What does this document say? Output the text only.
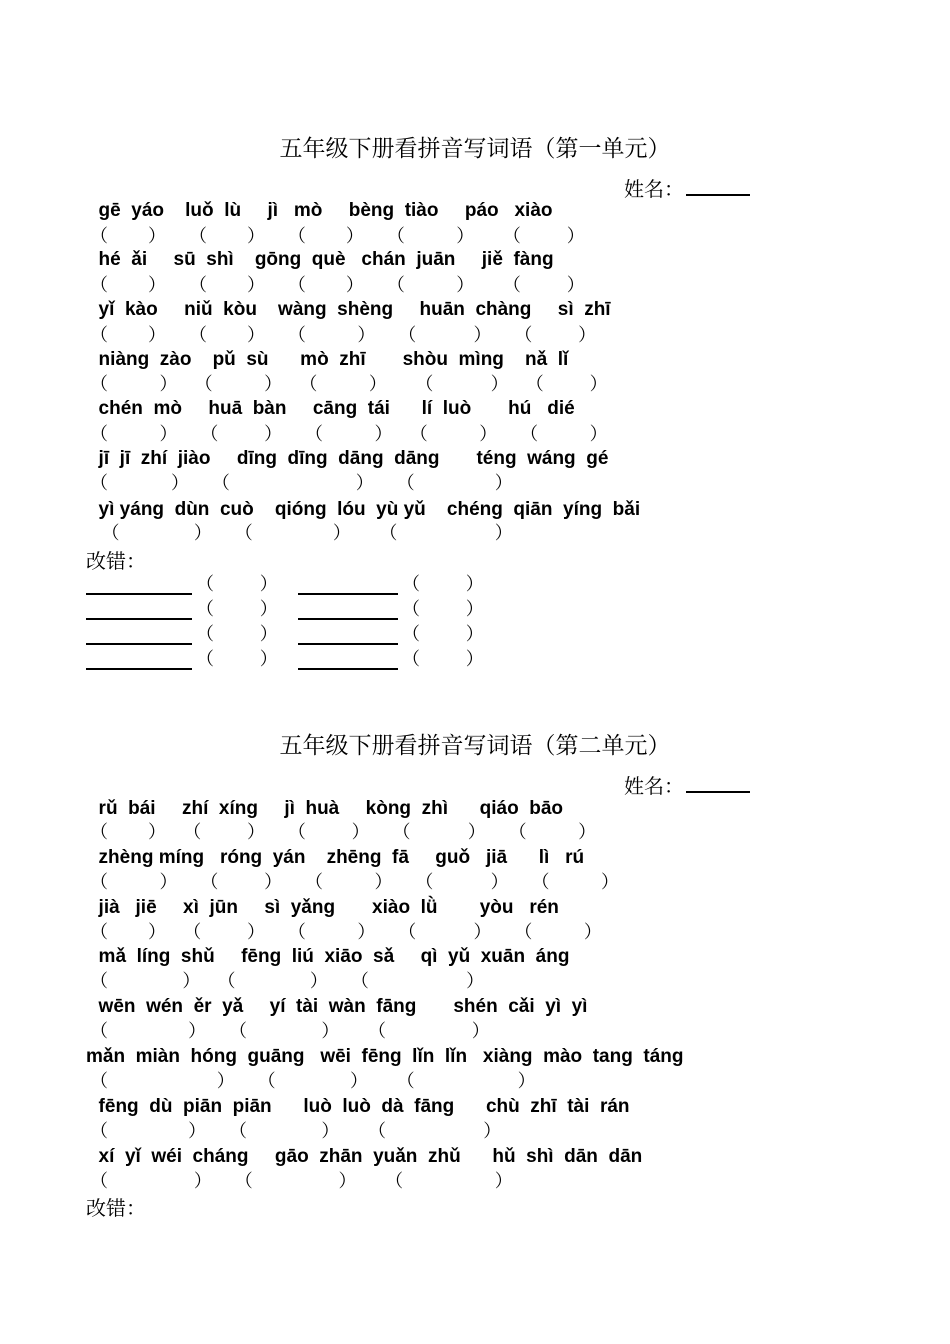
五年级下册看拼音写词语（第一单元）
姓名：

gē  yáo    luǒ  lù     jì   mò     bèng  tiào     páo   xiào

（       ）    （       ）    （       ）    （         ）     （        ）

hé  ǎi     sū  shì    gōng  què   chán  juān     jiě  fàng

（       ）    （       ）    （       ）    （         ）     （        ）

yǐ  kào     niǔ  kòu    wàng  shèng     huān  chàng     sì  zhī

（       ）    （       ）    （         ）    （          ）    （        ）

niàng  zào    pǔ  sù      mò  zhī       shòu  mìng    nǎ  lǐ

（         ）   （         ）   （         ）     （          ）   （        ）

chén  mò     huā  bàn     cāng  tái      lí  luò       hú   dié

（         ）    （        ）    （         ）   （         ）    （         ）

jī  jī  zhí  jiào     dīng  dīng  dāng  dāng       téng  wáng  gé

（           ）    （                      ）    （              ）

yì yáng  dùn  cuò    qióng  lóu  yù yǔ    chéng  qiān  yíng  bǎi

（             ）    （              ）     （                 ）

改错：

（        ）	（        ）
（        ）	（        ）
（        ）	（        ）
（        ）	（        ）
五年级下册看拼音写词语（第二单元）
姓名：

rǔ  bái     zhí  xíng     jì  huà     kòng  zhì      qiáo  bāo

（       ）   （        ）    （        ）    （          ）    （         ）

zhèng míng   róng  yán    zhēng  fā     guǒ   jiā      lì   rú

（         ）    （        ）    （         ）    （          ）    （         ）

jià   jiē     xì  jūn     sì  yǎng       xiào  lǜ        yòu   rén

（       ）   （        ）    （         ）    （          ）    （         ）

mǎ  líng  shǔ     fēng  liú  xiāo  sǎ     qì  yǔ  xuān  áng

（             ）   （             ）    （                 ）

wēn  wén  ěr  yǎ     yí  tài  wàn  fāng       shén  cǎi  yì  yì

（              ）    （             ）     （               ）

mǎn  miàn  hóng  guāng   wēi  fēng  lǐn  lǐn   xiàng  mào  tang  táng

（                   ）    （             ）     （                  ）

fēng  dù  piān  piān      luò  luò  dà  fāng      chù  zhī  tài  rán

（              ）    （             ）     （                 ）

xí  yǐ  wéi  cháng     gāo  zhān  yuǎn  zhǔ      hǔ  shì  dān  dān

（               ）    （               ）     （                ）

改错：
